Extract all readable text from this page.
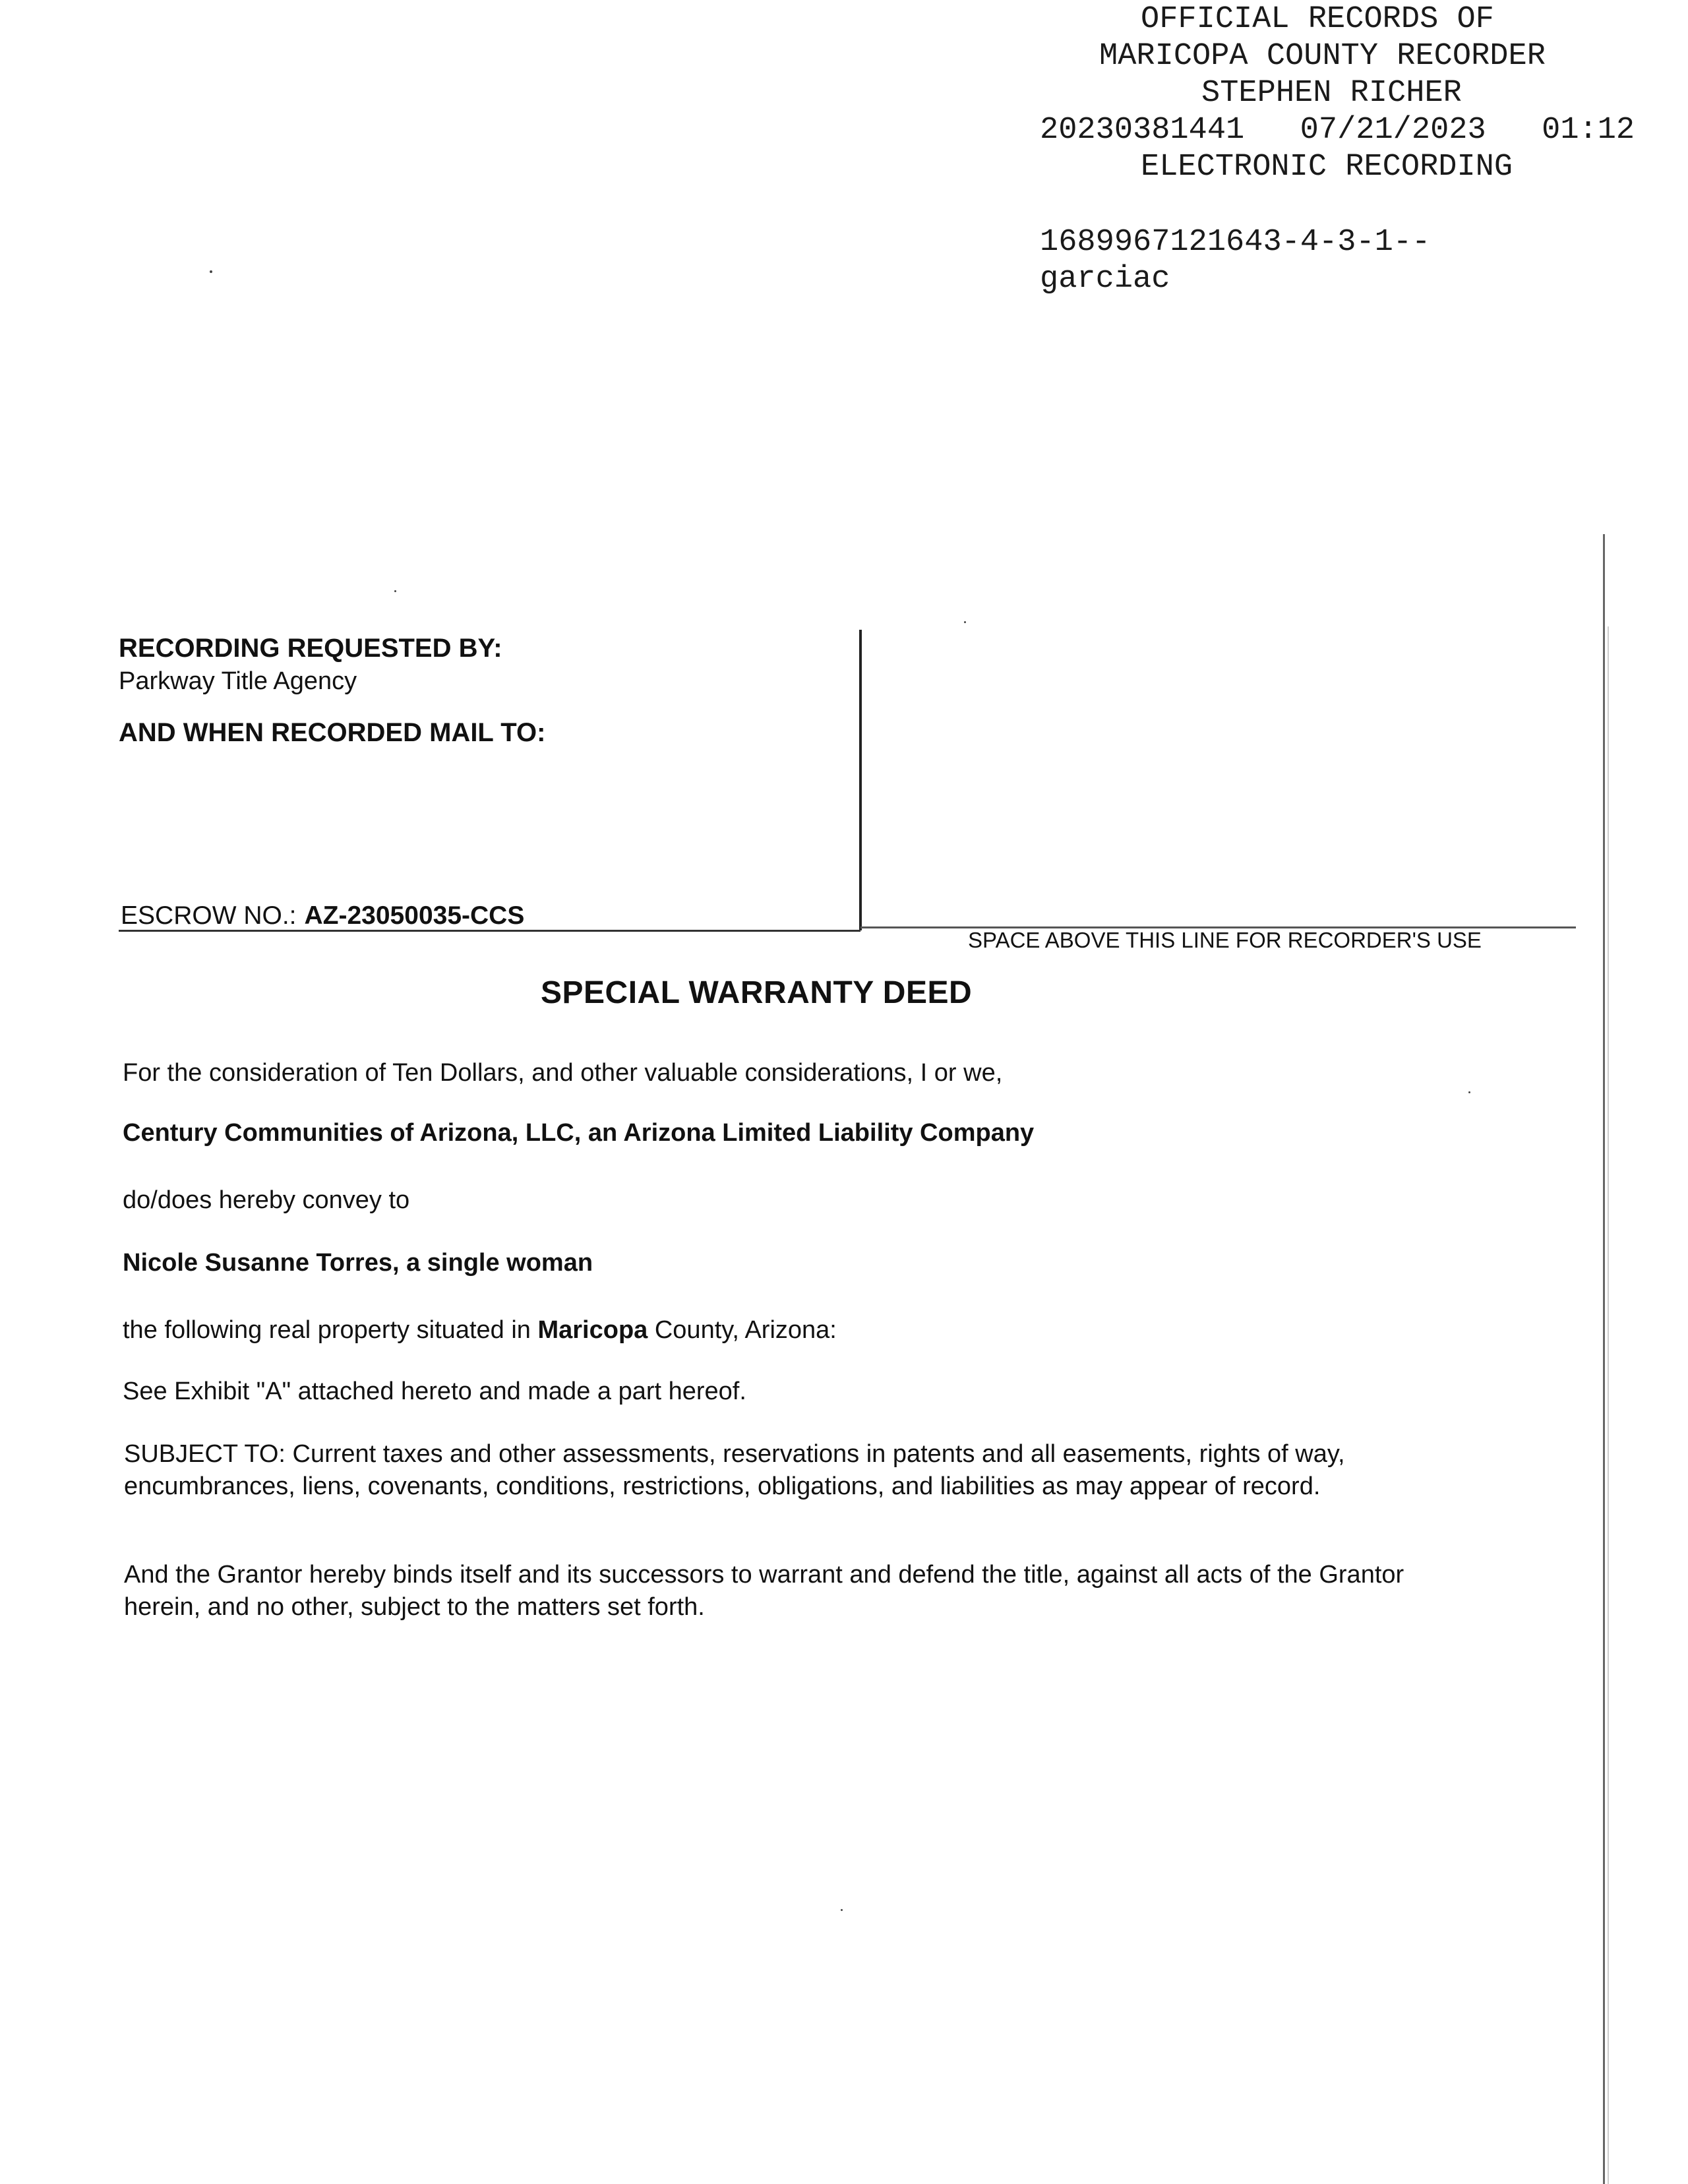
OFFICIAL RECORDS OF
MARICOPA COUNTY RECORDER
STEPHEN RICHER
20230381441  07/21/2023  01:12
ELECTRONIC RECORDING
1689967121643-4-3-1--
garciac
RECORDING REQUESTED BY:
Parkway Title Agency
AND WHEN RECORDED MAIL TO:
ESCROW NO.: AZ-23050035-CCS
SPACE ABOVE THIS LINE FOR RECORDER'S USE
SPECIAL WARRANTY DEED
For the consideration of Ten Dollars, and other valuable considerations, I or we,
Century Communities of Arizona, LLC, an Arizona Limited Liability Company
do/does hereby convey to
Nicole Susanne Torres, a single woman
the following real property situated in Maricopa County, Arizona:
See Exhibit "A" attached hereto and made a part hereof.
SUBJECT TO: Current taxes and other assessments, reservations in patents and all easements, rights of way, encumbrances, liens, covenants, conditions, restrictions, obligations, and liabilities as may appear of record.
And the Grantor hereby binds itself and its successors to warrant and defend the title, against all acts of the Grantor herein, and no other, subject to the matters set forth.
